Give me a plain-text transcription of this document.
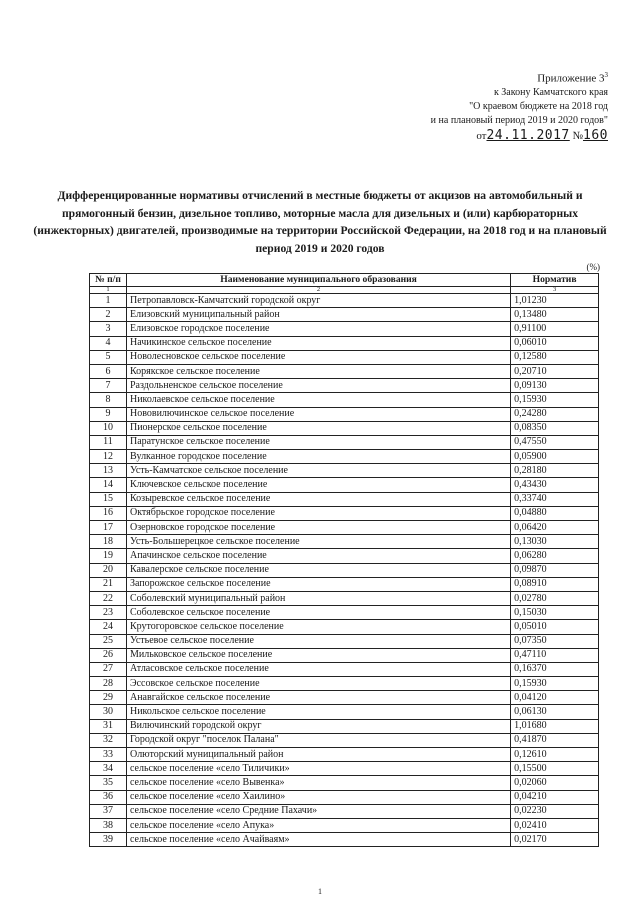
Приложение $3^3$
к Закону Камчатского края
"О краевом бюджете на 2018 год
и на плановый период 2019 и 2020 годов"
от24.11.2017 №160
Дифференцированные нормативы отчислений в местные бюджеты от акцизов на автомобильный и прямогонный бензин, дизельное топливо, моторные масла для дизельных и (или) карбюраторных (инжекторных) двигателей, производимые на территории Российской Федерации, на 2018 год и на плановый период 2019 и 2020 годов
(%)
№ п/п	Наименование муниципального образования	Норматив
1	2	3
1	Петропавловск-Камчатский городской округ	1,01230
2	Елизовский муниципальный район	0,13480
3	Елизовское городское поселение	0,91100
4	Начикинское сельское поселение	0,06010
5	Новолесновское сельское поселение	0,12580
6	Корякское сельское поселение	0,20710
7	Раздольненское сельское поселение	0,09130
8	Николаевское сельское поселение	0,15930
9	Нововилючинское сельское поселение	0,24280
10	Пионерское сельское поселение	0,08350
11	Паратунское сельское поселение	0,47550
12	Вулканное городское поселение	0,05900
13	Усть-Камчатское сельское поселение	0,28180
14	Ключевское сельское поселение	0,43430
15	Козыревское сельское поселение	0,33740
16	Октябрьское городское поселение	0,04880
17	Озерновское городское поселение	0,06420
18	Усть-Большерецкое сельское поселение	0,13030
19	Апачинское сельское поселение	0,06280
20	Кавалерское сельское поселение	0,09870
21	Запорожское сельское поселение	0,08910
22	Соболевский муниципальный район	0,02780
23	Соболевское сельское поселение	0,15030
24	Крутогоровское сельское поселение	0,05010
25	Устьевое сельское поселение	0,07350
26	Мильковское сельское поселение	0,47110
27	Атласовское сельское поселение	0,16370
28	Эссовское сельское поселение	0,15930
29	Анавгайское сельское поселение	0,04120
30	Никольское сельское поселение	0,06130
31	Вилючинский городской округ	1,01680
32	Городской округ "поселок Палана"	0,41870
33	Олюторский муниципальный район	0,12610
34	сельское поселение «село Тиличики»	0,15500
35	сельское поселение «село Вывенка»	0,02060
36	сельское поселение «село Хаилино»	0,04210
37	сельское поселение «село Средние Пахачи»	0,02230
38	сельское поселение «село Апука»	0,02410
39	сельское поселение «село Ачайваям»	0,02170
1
